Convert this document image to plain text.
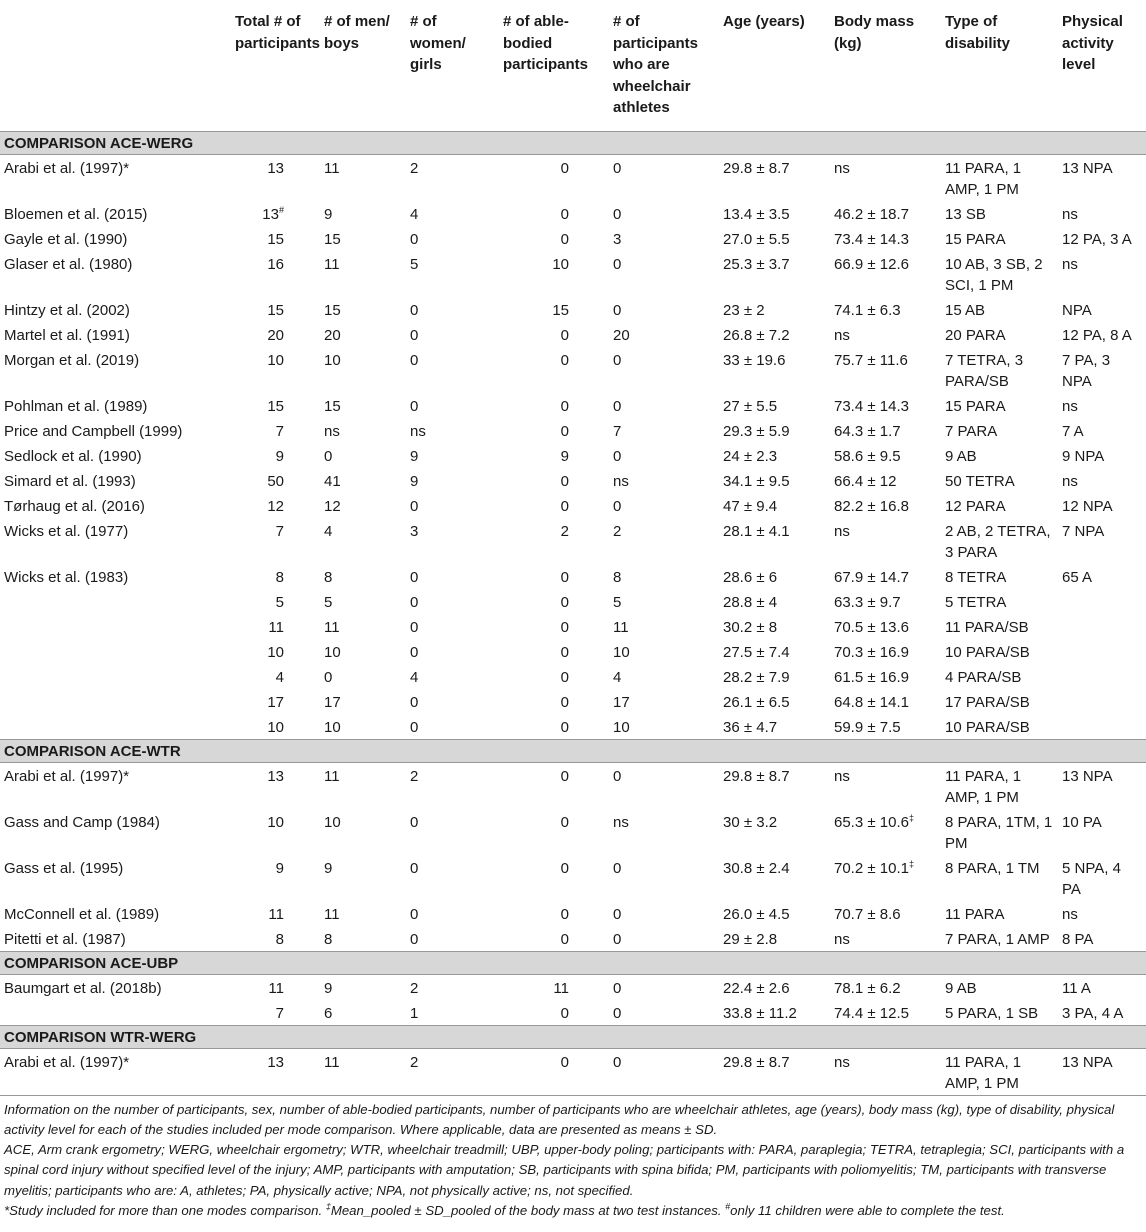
	Total # of participants	# of men/ boys	# of women/ girls	# of able-bodied participants	# of participants who are wheelchair athletes	Age (years)	Body mass (kg)	Type of disability	Physical activity level
COMPARISON ACE-WERG									
Arabi et al. (1997)*	13	11	2	0	0	29.8 ± 8.7	ns	11 PARA, 1 AMP, 1 PM	13 NPA
Bloemen et al. (2015)	13#	9	4	0	0	13.4 ± 3.5	46.2 ± 18.7	13 SB	ns
Gayle et al. (1990)	15	15	0	0	3	27.0 ± 5.5	73.4 ± 14.3	15 PARA	12 PA, 3 A
Glaser et al. (1980)	16	11	5	10	0	25.3 ± 3.7	66.9 ± 12.6	10 AB, 3 SB, 2 SCI, 1 PM	ns
Hintzy et al. (2002)	15	15	0	15	0	23 ± 2	74.1 ± 6.3	15 AB	NPA
Martel et al. (1991)	20	20	0	0	20	26.8 ± 7.2	ns	20 PARA	12 PA, 8 A
Morgan et al. (2019)	10	10	0	0	0	33 ± 19.6	75.7 ± 11.6	7 TETRA, 3 PARA/SB	7 PA, 3 NPA
Pohlman et al. (1989)	15	15	0	0	0	27 ± 5.5	73.4 ± 14.3	15 PARA	ns
Price and Campbell (1999)	7	ns	ns	0	7	29.3 ± 5.9	64.3 ± 1.7	7 PARA	7 A
Sedlock et al. (1990)	9	0	9	9	0	24 ± 2.3	58.6 ± 9.5	9 AB	9 NPA
Simard et al. (1993)	50	41	9	0	ns	34.1 ± 9.5	66.4 ± 12	50 TETRA	ns
Tørhaug et al. (2016)	12	12	0	0	0	47 ± 9.4	82.2 ± 16.8	12 PARA	12 NPA
Wicks et al. (1977)	7	4	3	2	2	28.1 ± 4.1	ns	2 AB, 2 TETRA, 3 PARA	7 NPA
Wicks et al. (1983)	8	8	0	0	8	28.6 ± 6	67.9 ± 14.7	8 TETRA	65 A
	5	5	0	0	5	28.8 ± 4	63.3 ± 9.7	5 TETRA	
	11	11	0	0	11	30.2 ± 8	70.5 ± 13.6	11 PARA/SB	
	10	10	0	0	10	27.5 ± 7.4	70.3 ± 16.9	10 PARA/SB	
	4	0	4	0	4	28.2 ± 7.9	61.5 ± 16.9	4 PARA/SB	
	17	17	0	0	17	26.1 ± 6.5	64.8 ± 14.1	17 PARA/SB	
	10	10	0	0	10	36 ± 4.7	59.9 ± 7.5	10 PARA/SB	
COMPARISON ACE-WTR									
Arabi et al. (1997)*	13	11	2	0	0	29.8 ± 8.7	ns	11 PARA, 1 AMP, 1 PM	13 NPA
Gass and Camp (1984)	10	10	0	0	ns	30 ± 3.2	65.3 ± 10.6‡	8 PARA, 1TM, 1 PM	10 PA
Gass et al. (1995)	9	9	0	0	0	30.8 ± 2.4	70.2 ± 10.1‡	8 PARA, 1 TM	5 NPA, 4 PA
McConnell et al. (1989)	11	11	0	0	0	26.0 ± 4.5	70.7 ± 8.6	11 PARA	ns
Pitetti et al. (1987)	8	8	0	0	0	29 ± 2.8	ns	7 PARA, 1 AMP	8 PA
COMPARISON ACE-UBP									
Baumgart et al. (2018b)	11	9	2	11	0	22.4 ± 2.6	78.1 ± 6.2	9 AB	11 A
	7	6	1	0	0	33.8 ± 11.2	74.4 ± 12.5	5 PARA, 1 SB	3 PA, 4 A
COMPARISON WTR-WERG									
Arabi et al. (1997)*	13	11	2	0	0	29.8 ± 8.7	ns	11 PARA, 1 AMP, 1 PM	13 NPA

Information on the number of participants, sex, number of able-bodied participants, number of participants who are wheelchair athletes, age (years), body mass (kg), type of disability, physical activity level for each of the studies included per mode comparison. Where applicable, data are presented as means ± SD.

ACE, Arm crank ergometry; WERG, wheelchair ergometry; WTR, wheelchair treadmill; UBP, upper-body poling; participants with: PARA, paraplegia; TETRA, tetraplegia; SCI, participants with a spinal cord injury without specified level of the injury; AMP, participants with amputation; SB, participants with spina bifida; PM, participants with poliomyelitis; TM, participants with transverse myelitis; participants who are: A, athletes; PA, physically active; NPA, not physically active; ns, not specified.

*Study included for more than one modes comparison. ‡Mean_pooled ± SD_pooled of the body mass at two test instances. #only 11 children were able to complete the test.
